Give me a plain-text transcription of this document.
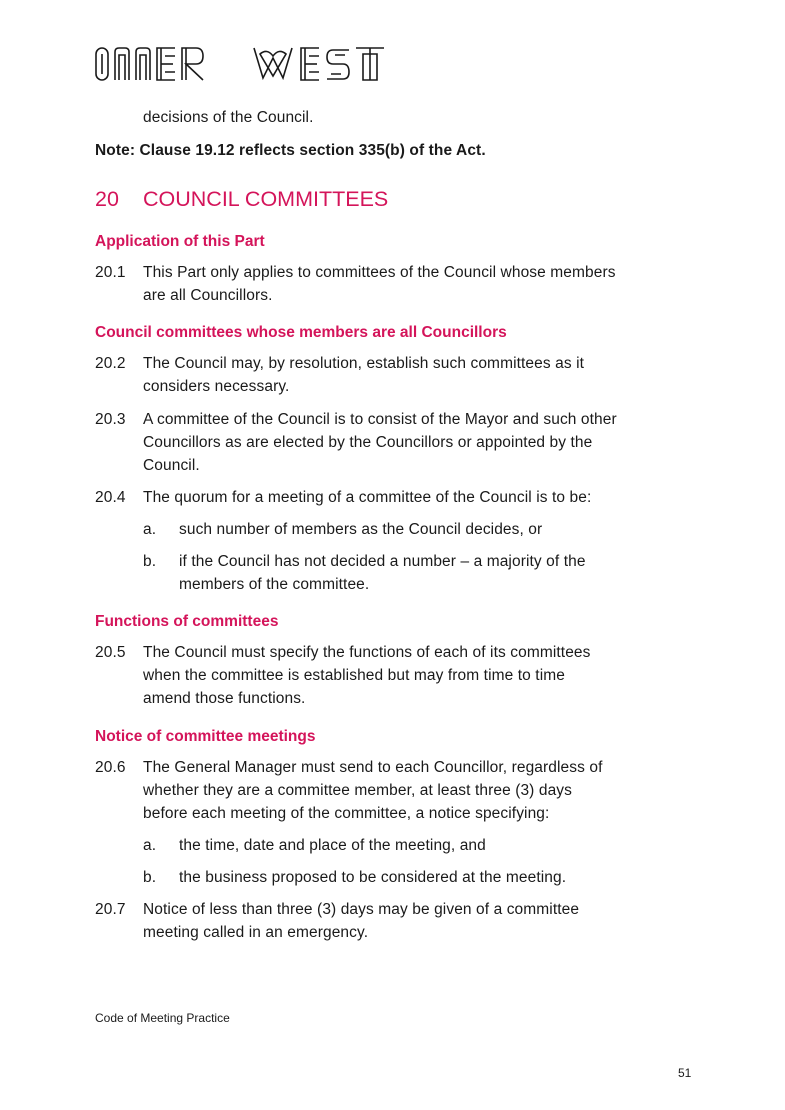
decisions of the Council.
Note: Clause 19.12 reflects section 335(b) of the Act.
20 COUNCIL COMMITTEES
Application of this Part
20.1 This Part only applies to committees of the Council whose members
are all Councillors.
Council committees whose members are all Councillors
20.2 The Council may, by resolution, establish such committees as it
considers necessary.
20.3 A committee of the Council is to consist of the Mayor and such other
Councillors as are elected by the Councillors or appointed by the
Council.
20.4 The quorum for a meeting of a committee of the Council is to be:
a. such number of members as the Council decides, or
b. if the Council has not decided a number – a majority of the
members of the committee.
Functions of committees
20.5 The Council must specify the functions of each of its committees
when the committee is established but may from time to time
amend those functions.
Notice of committee meetings
20.6 The General Manager must send to each Councillor, regardless of
whether they are a committee member, at least three (3) days
before each meeting of the committee, a notice specifying:
a. the time, date and place of the meeting, and
b. the business proposed to be considered at the meeting.
20.7 Notice of less than three (3) days may be given of a committee
meeting called in an emergency.
Code of Meeting Practice
51
